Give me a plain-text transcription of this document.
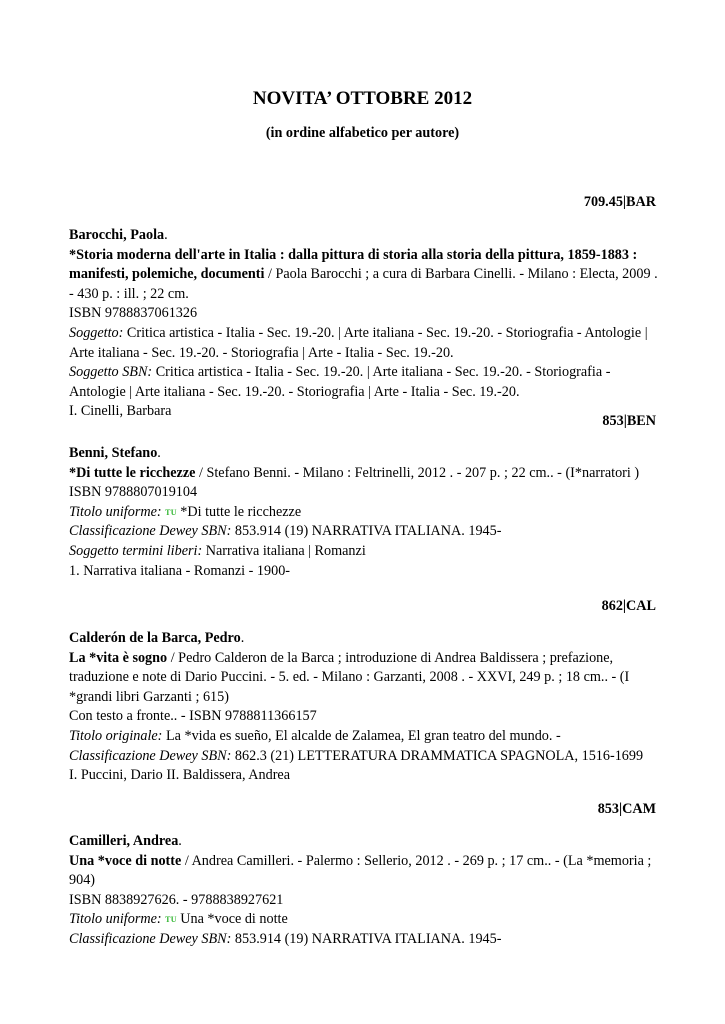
NOVITA’ OTTOBRE 2012
(in ordine alfabetico per autore)
709.45|BAR

Barocchi, Paola.

*Storia moderna dell'arte in Italia : dalla pittura di storia alla storia della pittura, 1859-1883 : manifesti, polemiche, documenti / Paola Barocchi ; a cura di Barbara Cinelli. - Milano : Electa, 2009 . - 430 p. : ill. ; 22 cm.

ISBN 9788837061326

Soggetto: Critica artistica - Italia - Sec. 19.-20. | Arte italiana - Sec. 19.-20. - Storiografia - Antologie | Arte italiana - Sec. 19.-20. - Storiografia | Arte - Italia - Sec. 19.-20.

Soggetto SBN: Critica artistica - Italia - Sec. 19.-20. | Arte italiana - Sec. 19.-20. - Storiografia - Antologie | Arte italiana - Sec. 19.-20. - Storiografia | Arte - Italia - Sec. 19.-20.

I. Cinelli, Barbara

853|BEN

Benni, Stefano.

*Di tutte le ricchezze / Stefano Benni. - Milano : Feltrinelli, 2012 . - 207 p. ; 22 cm.. - (I*narratori )

ISBN 9788807019104

Titolo uniforme: TU *Di tutte le ricchezze

Classificazione Dewey SBN: 853.914 (19) NARRATIVA ITALIANA. 1945-

Soggetto termini liberi: Narrativa italiana | Romanzi

1. Narrativa italiana - Romanzi - 1900-

862|CAL

Calderón de la Barca, Pedro.

La *vita è sogno / Pedro Calderon de la Barca ; introduzione di Andrea Baldissera ; prefazione, traduzione e note di Dario Puccini. - 5. ed. - Milano : Garzanti, 2008 . - XXVI, 249 p. ; 18 cm.. - (I *grandi libri Garzanti ; 615)

Con testo a fronte.. - ISBN 9788811366157

Titolo originale: La *vida es sueño, El alcalde de Zalamea, El gran teatro del mundo. -

Classificazione Dewey SBN: 862.3 (21) LETTERATURA DRAMMATICA SPAGNOLA, 1516-1699

I. Puccini, Dario II. Baldissera, Andrea

853|CAM

Camilleri, Andrea.

Una *voce di notte / Andrea Camilleri. - Palermo : Sellerio, 2012 . - 269 p. ; 17 cm.. - (La *memoria ; 904)

ISBN 8838927626. - 9788838927621

Titolo uniforme: TU Una *voce di notte

Classificazione Dewey SBN: 853.914 (19) NARRATIVA ITALIANA. 1945-
